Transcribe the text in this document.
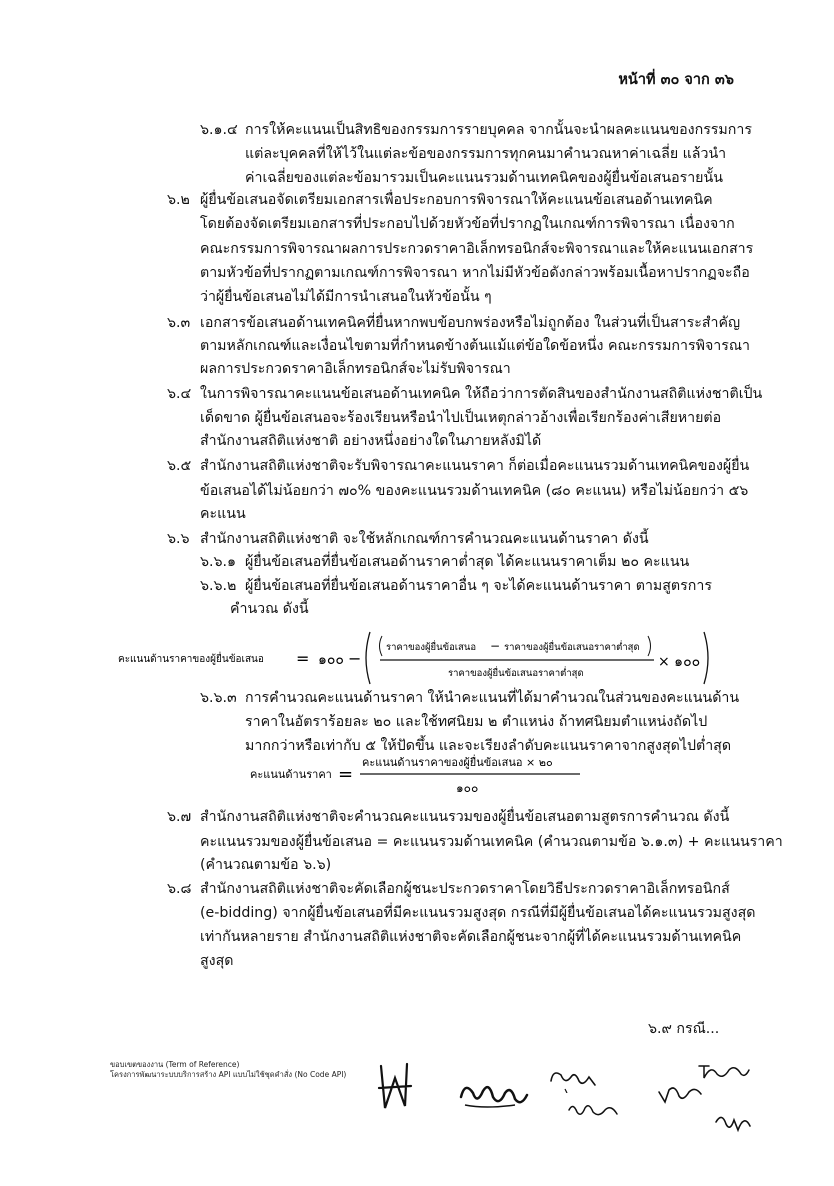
หน้าที่ ๓๐ จาก ๓๖
๖.๑.๔ การให้คะแนนเป็นสิทธิของกรรมการรายบุคคล จากนั้นจะนำผลคะแนนของกรรมการ
แต่ละบุคคลที่ให้ไว้ในแต่ละข้อของกรรมการทุกคนมาคำนวณหาค่าเฉลี่ย แล้วนำ
ค่าเฉลี่ยของแต่ละข้อมารวมเป็นคะแนนรวมด้านเทคนิคของผู้ยื่นข้อเสนอรายนั้น
๖.๒ ผู้ยื่นข้อเสนอจัดเตรียมเอกสารเพื่อประกอบการพิจารณาให้คะแนนข้อเสนอด้านเทคนิค
โดยต้องจัดเตรียมเอกสารที่ประกอบไปด้วยหัวข้อที่ปรากฏในเกณฑ์การพิจารณา เนื่องจาก
คณะกรรมการพิจารณาผลการประกวดราคาอิเล็กทรอนิกส์จะพิจารณาและให้คะแนนเอกสาร
ตามหัวข้อที่ปรากฏตามเกณฑ์การพิจารณา หากไม่มีหัวข้อดังกล่าวพร้อมเนื้อหาปรากฏจะถือ
ว่าผู้ยื่นข้อเสนอไม่ได้มีการนำเสนอในหัวข้อนั้น ๆ
๖.๓ เอกสารข้อเสนอด้านเทคนิคที่ยื่นหากพบข้อบกพร่องหรือไม่ถูกต้อง ในส่วนที่เป็นสาระสำคัญ
ตามหลักเกณฑ์และเงื่อนไขตามที่กำหนดข้างต้นแม้แต่ข้อใดข้อหนึ่ง คณะกรรมการพิจารณา
ผลการประกวดราคาอิเล็กทรอนิกส์จะไม่รับพิจารณา
๖.๔ ในการพิจารณาคะแนนข้อเสนอด้านเทคนิค ให้ถือว่าการตัดสินของสำนักงานสถิติแห่งชาติเป็น
เด็ดขาด ผู้ยื่นข้อเสนอจะร้องเรียนหรือนำไปเป็นเหตุกล่าวอ้างเพื่อเรียกร้องค่าเสียหายต่อ
สำนักงานสถิติแห่งชาติ อย่างหนึ่งอย่างใดในภายหลังมิได้
๖.๕ สำนักงานสถิติแห่งชาติจะรับพิจารณาคะแนนราคา ก็ต่อเมื่อคะแนนรวมด้านเทคนิคของผู้ยื่น
ข้อเสนอได้ไม่น้อยกว่า ๗๐% ของคะแนนรวมด้านเทคนิค (๘๐ คะแนน) หรือไม่น้อยกว่า ๕๖
คะแนน
๖.๖ สำนักงานสถิติแห่งชาติ จะใช้หลักเกณฑ์การคำนวณคะแนนด้านราคา ดังนี้
๖.๖.๑ ผู้ยื่นข้อเสนอที่ยื่นข้อเสนอด้านราคาต่ำสุด ได้คะแนนราคาเต็ม ๒๐ คะแนน
๖.๖.๒ ผู้ยื่นข้อเสนอที่ยื่นข้อเสนอด้านราคาอื่น ๆ จะได้คะแนนด้านราคา ตามสูตรการ
คำนวณ ดังนี้
คะแนนด้านราคาของผู้ยื่นข้อเสนอ = ๑๐๐ −
ราคาของผู้ยื่นข้อเสนอ − ราคาของผู้ยื่นข้อเสนอราคาต่ำสุด
ราคาของผู้ยื่นข้อเสนอราคาต่ำสุด
× ๑๐๐
๖.๖.๓ การคำนวณคะแนนด้านราคา ให้นำคะแนนที่ได้มาคำนวณในส่วนของคะแนนด้าน
ราคาในอัตราร้อยละ ๒๐ และใช้ทศนิยม ๒ ตำแหน่ง ถ้าทศนิยมตำแหน่งถัดไป
มากกว่าหรือเท่ากับ ๕ ให้ปัดขึ้น และจะเรียงลำดับคะแนนราคาจากสูงสุดไปต่ำสุด
คะแนนด้านราคา =
คะแนนด้านราคาของผู้ยื่นข้อเสนอ × ๒๐
๑๐๐
๖.๗ สำนักงานสถิติแห่งชาติจะคำนวณคะแนนรวมของผู้ยื่นข้อเสนอตามสูตรการคำนวณ ดังนี้
คะแนนรวมของผู้ยื่นข้อเสนอ = คะแนนรวมด้านเทคนิค (คำนวณตามข้อ ๖.๑.๓) + คะแนนราคา
(คำนวณตามข้อ ๖.๖)
๖.๘ สำนักงานสถิติแห่งชาติจะคัดเลือกผู้ชนะประกวดราคาโดยวิธีประกวดราคาอิเล็กทรอนิกส์
(e-bidding) จากผู้ยื่นข้อเสนอที่มีคะแนนรวมสูงสุด กรณีที่มีผู้ยื่นข้อเสนอได้คะแนนรวมสูงสุด
เท่ากันหลายราย สำนักงานสถิติแห่งชาติจะคัดเลือกผู้ชนะจากผู้ที่ได้คะแนนรวมด้านเทคนิค
สูงสุด
๖.๙ กรณี...
ขอบเขตของงาน (Term of Reference)
โครงการพัฒนาระบบบริการสร้าง API แบบไม่ใช้ชุดคำสั่ง (No Code API)
